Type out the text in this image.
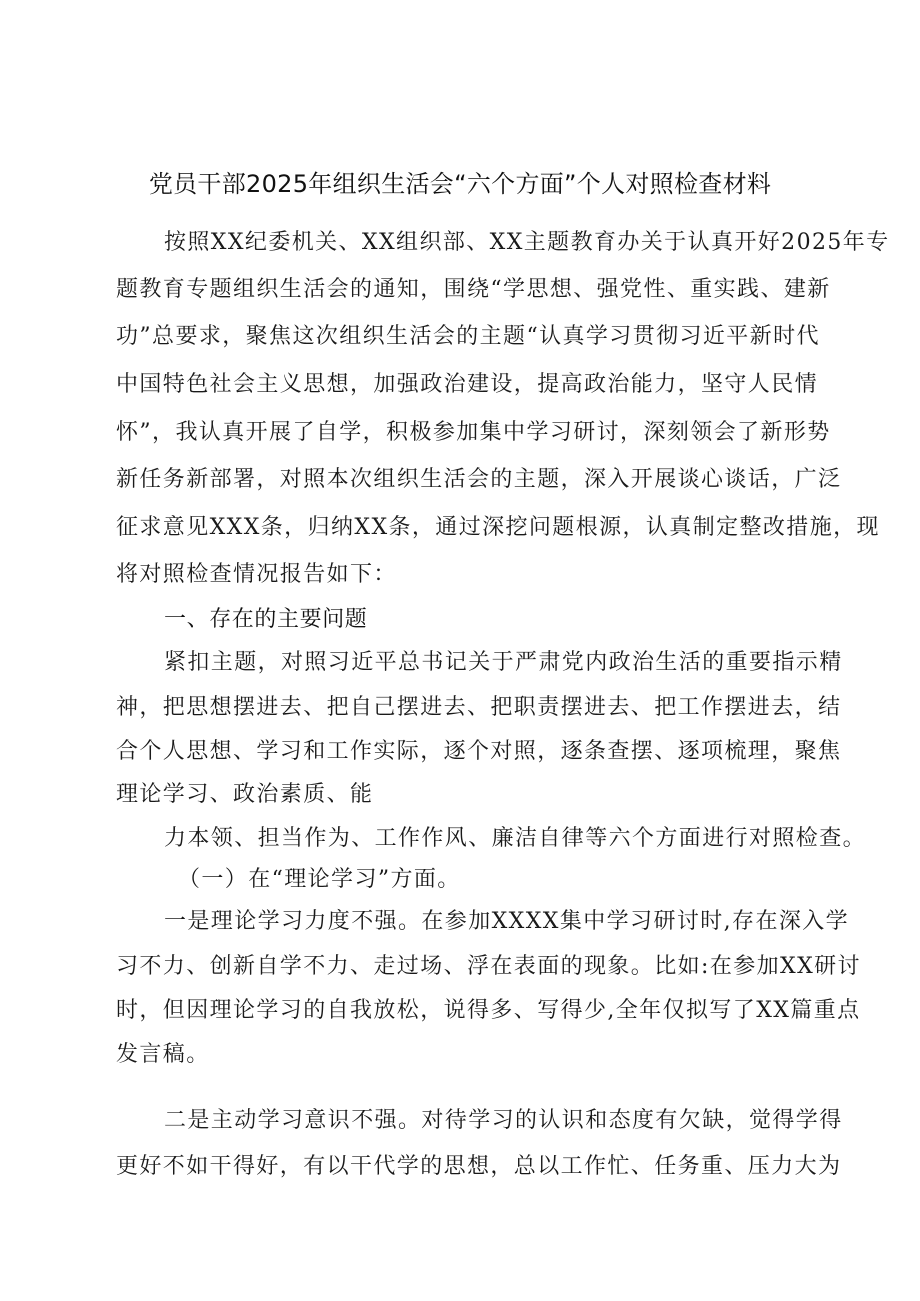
党员干部2025年组织生活会“六个方面”个人对照检查材料
按照XX纪委机关、XX组织部、XX主题教育办关于认真开好2025年专
题教育专题组织生活会的通知，围绕“学思想、强党性、重实践、建新
功”总要求，聚焦这次组织生活会的主题“认真学习贯彻习近平新时代
中国特色社会主义思想，加强政治建设，提高政治能力，坚守人民情
怀”，我认真开展了自学，积极参加集中学习研讨，深刻领会了新形势
新任务新部署，对照本次组织生活会的主题，深入开展谈心谈话，广泛
征求意见XXX条，归纳XX条，通过深挖问题根源，认真制定整改措施，现
将对照检查情况报告如下：
一、存在的主要问题
紧扣主题，对照习近平总书记关于严肃党内政治生活的重要指示精
神，把思想摆进去、把自己摆进去、把职责摆进去、把工作摆进去，结
合个人思想、学习和工作实际，逐个对照，逐条查摆、逐项梳理，聚焦
理论学习、政治素质、能
力本领、担当作为、工作作风、廉洁自律等六个方面进行对照检查。
（一）在“理论学习”方面。
一是理论学习力度不强。在参加XXXX集中学习研讨时,存在深入学
习不力、创新自学不力、走过场、浮在表面的现象。比如:在参加XX研讨
时，但因理论学习的自我放松，说得多、写得少,全年仅拟写了XX篇重点
发言稿。
二是主动学习意识不强。对待学习的认识和态度有欠缺，觉得学得
更好不如干得好，有以干代学的思想，总以工作忙、任务重、压力大为
